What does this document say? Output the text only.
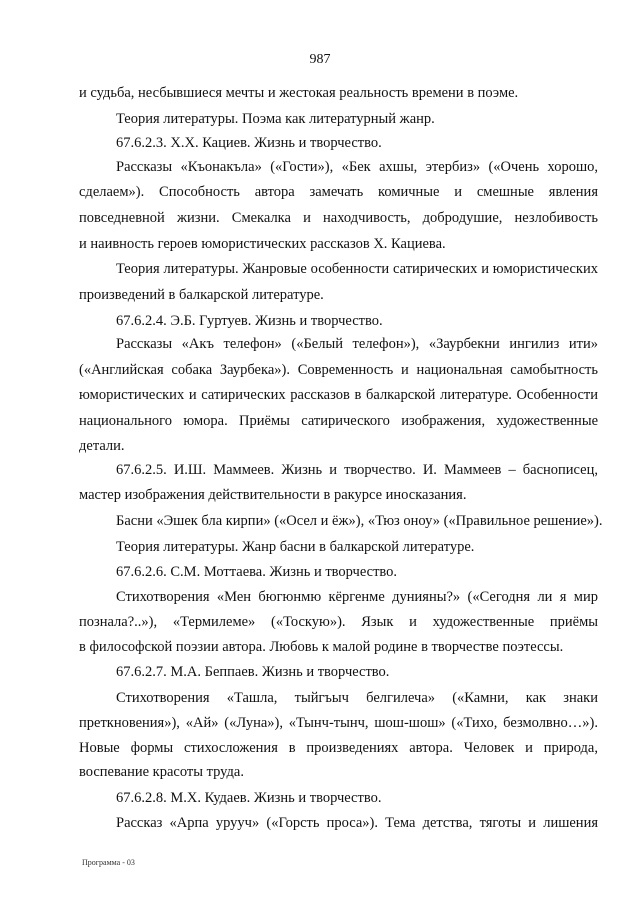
987
и судьба, несбывшиеся мечты и жестокая реальность времени в поэме.
Теория литературы. Поэма как литературный жанр.
67.6.2.3. Х.Х. Кациев. Жизнь и творчество.
Рассказы «Къонакъла» («Гости»), «Бек ахшы, этербиз» («Очень хорошо,
сделаем»). Способность автора замечать комичные и смешные явления
повседневной жизни. Смекалка и находчивость, добродушие, незлобивость
и наивность героев юмористических рассказов Х. Кациева.
Теория литературы. Жанровые особенности сатирических и юмористических
произведений в балкарской литературе.
67.6.2.4. Э.Б. Гуртуев. Жизнь и творчество.
Рассказы «Акъ телефон» («Белый телефон»), «Заурбекни ингилиз ити»
(«Английская собака Заурбека»). Современность и национальная самобытность
юмористических и сатирических рассказов в балкарской литературе. Особенности
национального юмора. Приёмы сатирического изображения, художественные
детали.
67.6.2.5. И.Ш. Маммеев. Жизнь и творчество. И. Маммеев – баснописец,
мастер изображения действительности в ракурсе иносказания.
Басни «Эшек бла кирпи» («Осел и ёж»), «Тюз оноу» («Правильное решение»).
Теория литературы. Жанр басни в балкарской литературе.
67.6.2.6. С.М. Моттаева. Жизнь и творчество.
Стихотворения «Мен бюгюнмю кёргенме дунияны?» («Сегодня ли я мир
познала?..»), «Термилеме» («Тоскую»). Язык и художественные приёмы
в философской поэзии автора. Любовь к малой родине в творчестве поэтессы.
67.6.2.7. М.А. Беппаев. Жизнь и творчество.
Стихотворения «Ташла, тыйгъыч белгилеча» («Камни, как знаки
преткновения»), «Ай» («Луна»), «Тынч-тынч, шош-шош» («Тихо, безмолвно…»).
Новые формы стихосложения в произведениях автора. Человек и природа,
воспевание красоты труда.
67.6.2.8. М.Х. Кудаев. Жизнь и творчество.
Рассказ «Арпа урууч» («Горсть проса»). Тема детства, тяготы и лишения
Программа - 03
